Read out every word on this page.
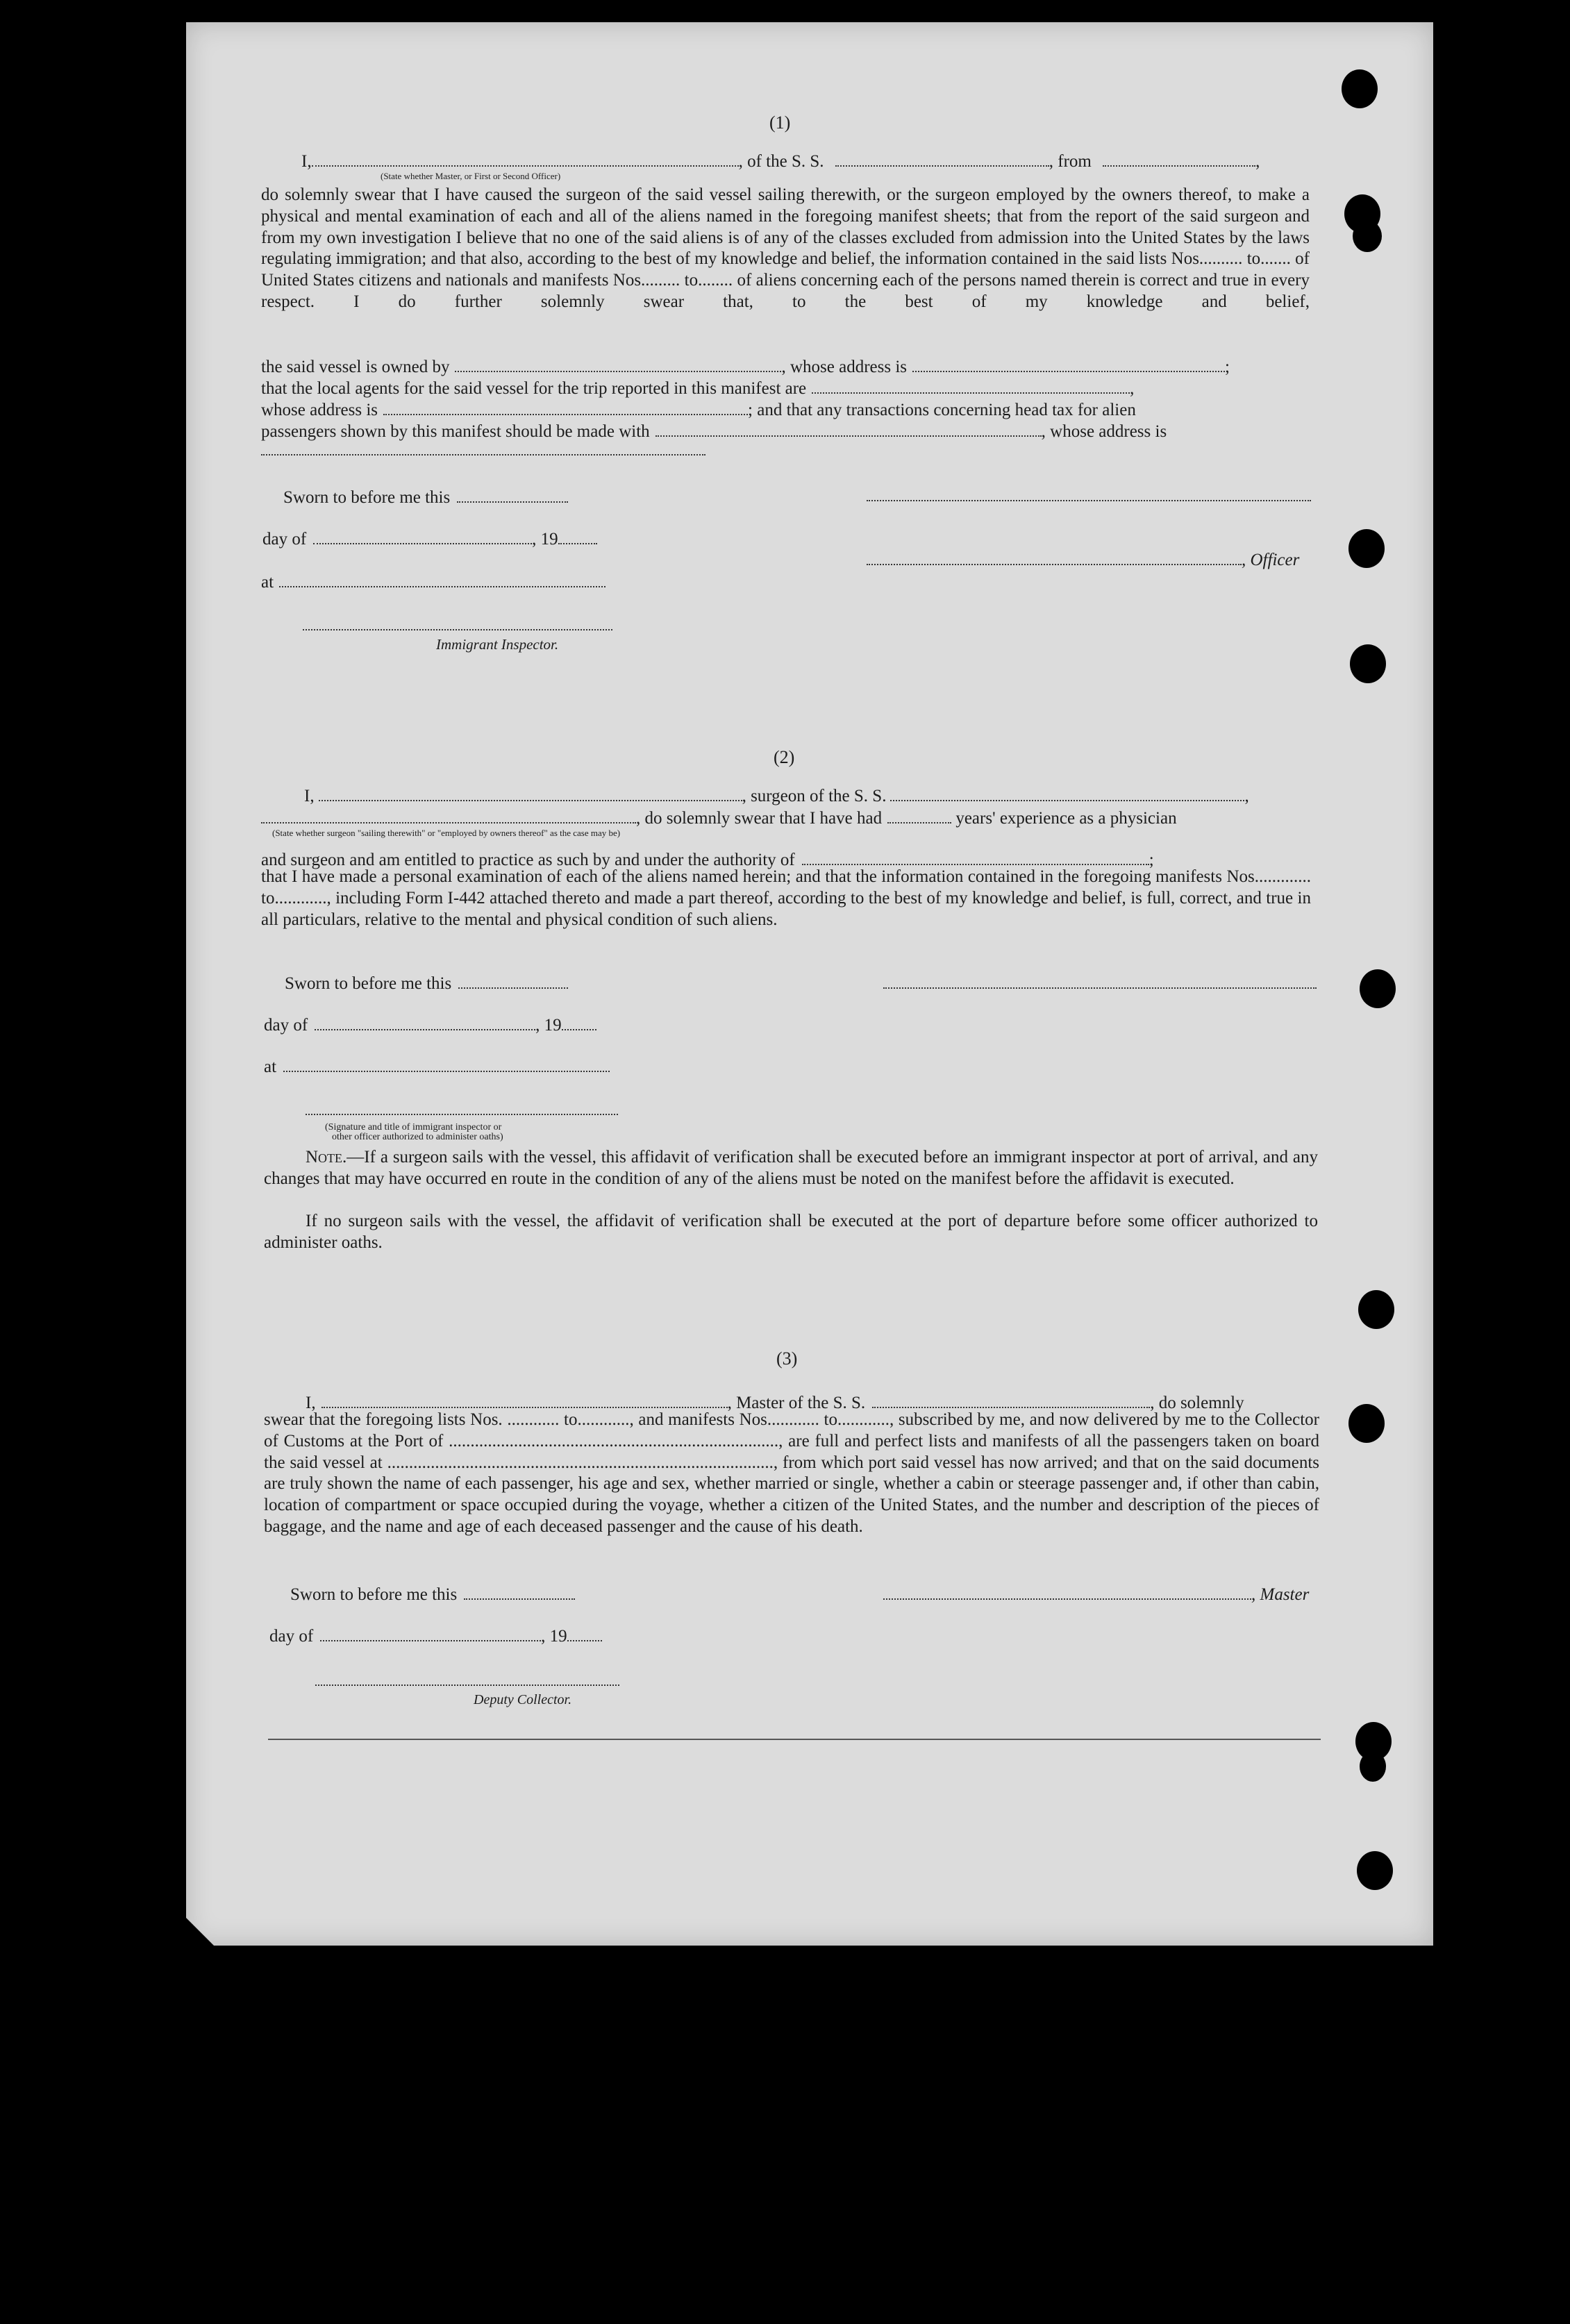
(1)
I,	, of the S. S.	, from	,
(State whether Master, or First or Second Officer)
do solemnly swear that I have caused the surgeon of the said vessel sailing therewith, or the surgeon employed by the owners thereof, to make a physical and mental examination of each and all of the aliens named in the foregoing manifest sheets; that from the report of the said surgeon and from my own investigation I believe that no one of the said aliens is of any of the classes excluded from admission into the United States by the laws regulating immigration; and that also, according to the best of my knowledge and belief, the information contained in the said lists Nos.......... to....... of United States citizens and nationals and manifests Nos......... to........ of aliens concerning each of the persons named therein is correct and true in every respect. I do further solemnly swear that, to the best of my knowledge and belief,
the said vessel is owned by	, whose address is	;
that the local agents for the said vessel for the trip reported in this manifest are	,
whose address is	; and that any transactions concerning head tax for alien
passengers shown by this manifest should be made with	, whose address is
Sworn to before me this
day of	, 19
, Officer
at
Immigrant Inspector.
(2)
I,	, surgeon of the S. S.	,
, do solemnly swear that I have had	years' experience as a physician
(State whether surgeon "sailing therewith" or "employed by owners thereof" as the case may be)
and surgeon and am entitled to practice as such by and under the authority of	;
that I have made a personal examination of each of the aliens named herein; and that the information contained in the foregoing manifests Nos............. to............, including Form I-442 attached thereto and made a part thereof, according to the best of my knowledge and belief, is full, correct, and true in all particulars, relative to the mental and physical condition of such aliens.
Sworn to before me this
day of	, 19
at
(Signature and title of immigrant inspector or
other officer authorized to administer oaths)
Note.—If a surgeon sails with the vessel, this affidavit of verification shall be executed before an immigrant inspector at port of arrival, and any changes that may have occurred en route in the condition of any of the aliens must be noted on the manifest before the affidavit is executed.
If no surgeon sails with the vessel, the affidavit of verification shall be executed at the port of departure before some officer authorized to administer oaths.
(3)
I,	, Master of the S. S.	, do solemnly
swear that the foregoing lists Nos. ............ to............, and manifests Nos............ to............, subscribed by me, and now delivered by me to the Collector of Customs at the Port of ............................................................................, are full and perfect lists and manifests of all the passengers taken on board the said vessel at ........................................................................................., from which port said vessel has now arrived; and that on the said documents are truly shown the name of each passenger, his age and sex, whether married or single, whether a cabin or steerage passenger and, if other than cabin, location of compartment or space occupied during the voyage, whether a citizen of the United States, and the number and description of the pieces of baggage, and the name and age of each deceased passenger and the cause of his death.
Sworn to before me this	, Master
day of	, 19
Deputy Collector.
